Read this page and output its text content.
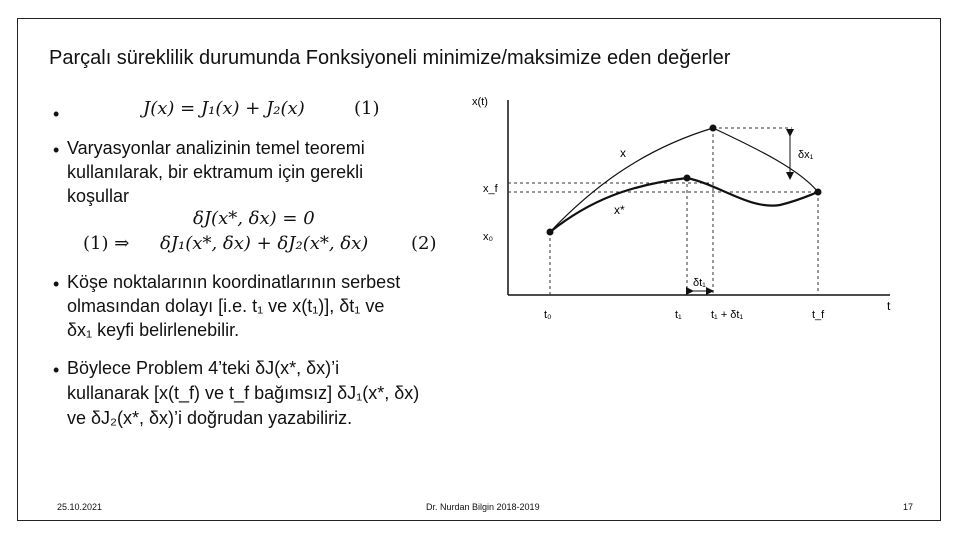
Parçalı süreklilik durumunda Fonksiyoneli minimize/maksimize eden değerler
•	J(x) = J₁(x) + J₂(x)	(1)
• Varyasyonlar analizinin temel teoremi
kullanılarak, bir ektramum için gerekli
koşullar
δJ(x*, δx) = 0
(1) ⇒ δJ₁(x*, δx) + δJ₂(x*, δx) (2)
• Köşe noktalarının koordinatlarının serbest
olmasından dolayı [i.e. t₁ ve x(t₁)], δt₁ ve
δx₁ keyfi belirlenebilir.
• Böylece Problem 4’teki δJ(x*, δx)’i
kullanarak [x(t_f) ve t_f bağımsız] δJ₁(x*, δx)
ve δJ₂(x*, δx)’i doğrudan yazabiliriz.
x(t)
t
δx₁
δt₁
x
x*
x_f
x₀
t₀	t₁	t₁ + δt₁	t_f
25.10.2021	Dr. Nurdan Bilgin 2018-2019	17
